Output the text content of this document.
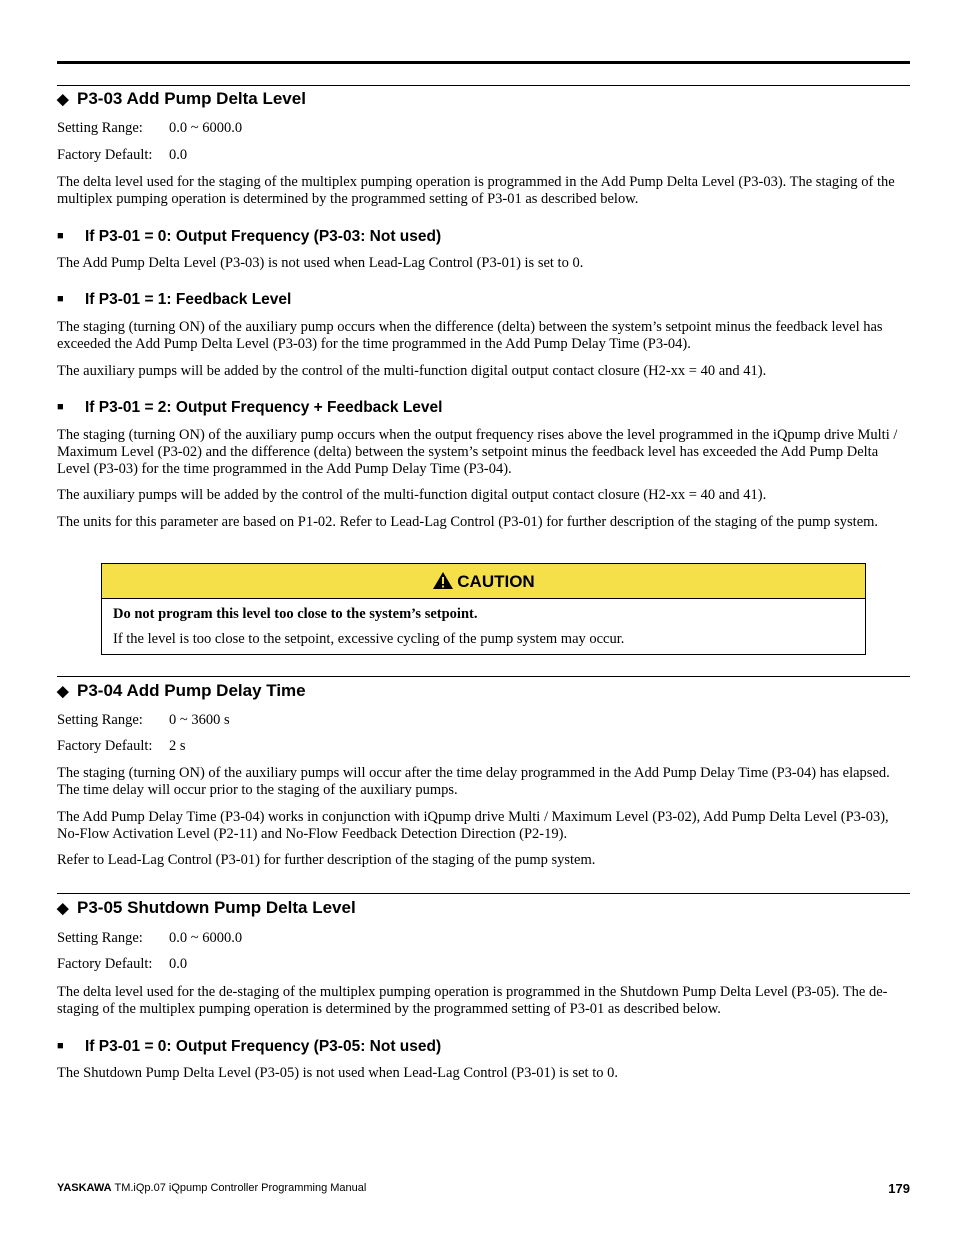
◆ P3-03 Add Pump Delta Level
Setting Range: 0.0 ~ 6000.0
Factory Default: 0.0
The delta level used for the staging of the multiplex pumping operation is programmed in the Add Pump Delta Level (P3-03). The staging of the multiplex pumping operation is determined by the programmed setting of P3-01 as described below.
■ If P3-01 = 0: Output Frequency (P3-03: Not used)
The Add Pump Delta Level (P3-03) is not used when Lead-Lag Control (P3-01) is set to 0.
■ If P3-01 = 1: Feedback Level
The staging (turning ON) of the auxiliary pump occurs when the difference (delta) between the system’s setpoint minus the feedback level has exceeded the Add Pump Delta Level (P3-03) for the time programmed in the Add Pump Delay Time (P3-04).
The auxiliary pumps will be added by the control of the multi-function digital output contact closure (H2-xx = 40 and 41).
■ If P3-01 = 2: Output Frequency + Feedback Level
The staging (turning ON) of the auxiliary pump occurs when the output frequency rises above the level programmed in the iQpump drive Multi / Maximum Level (P3-02) and the difference (delta) between the system’s setpoint minus the feedback level has exceeded the Add Pump Delta Level (P3-03) for the time programmed in the Add Pump Delay Time (P3-04).
The auxiliary pumps will be added by the control of the multi-function digital output contact closure (H2-xx = 40 and 41).
The units for this parameter are based on P1-02. Refer to Lead-Lag Control (P3-01) for further description of the staging of the pump system.
CAUTION
Do not program this level too close to the system’s setpoint.
If the level is too close to the setpoint, excessive cycling of the pump system may occur.
◆ P3-04 Add Pump Delay Time
Setting Range: 0 ~ 3600 s
Factory Default: 2 s
The staging (turning ON) of the auxiliary pumps will occur after the time delay programmed in the Add Pump Delay Time (P3-04) has elapsed. The time delay will occur prior to the staging of the auxiliary pumps.
The Add Pump Delay Time (P3-04) works in conjunction with iQpump drive Multi / Maximum Level (P3-02), Add Pump Delta Level (P3-03), No-Flow Activation Level (P2-11) and No-Flow Feedback Detection Direction (P2-19).
Refer to Lead-Lag Control (P3-01) for further description of the staging of the pump system.
◆ P3-05 Shutdown Pump Delta Level
Setting Range: 0.0 ~ 6000.0
Factory Default: 0.0
The delta level used for the de-staging of the multiplex pumping operation is programmed in the Shutdown Pump Delta Level (P3-05). The de-staging of the multiplex pumping operation is determined by the programmed setting of P3-01 as described below.
■ If P3-01 = 0: Output Frequency (P3-05: Not used)
The Shutdown Pump Delta Level (P3-05) is not used when Lead-Lag Control (P3-01) is set to 0.
YASKAWA TM.iQp.07 iQpump Controller Programming Manual	179
